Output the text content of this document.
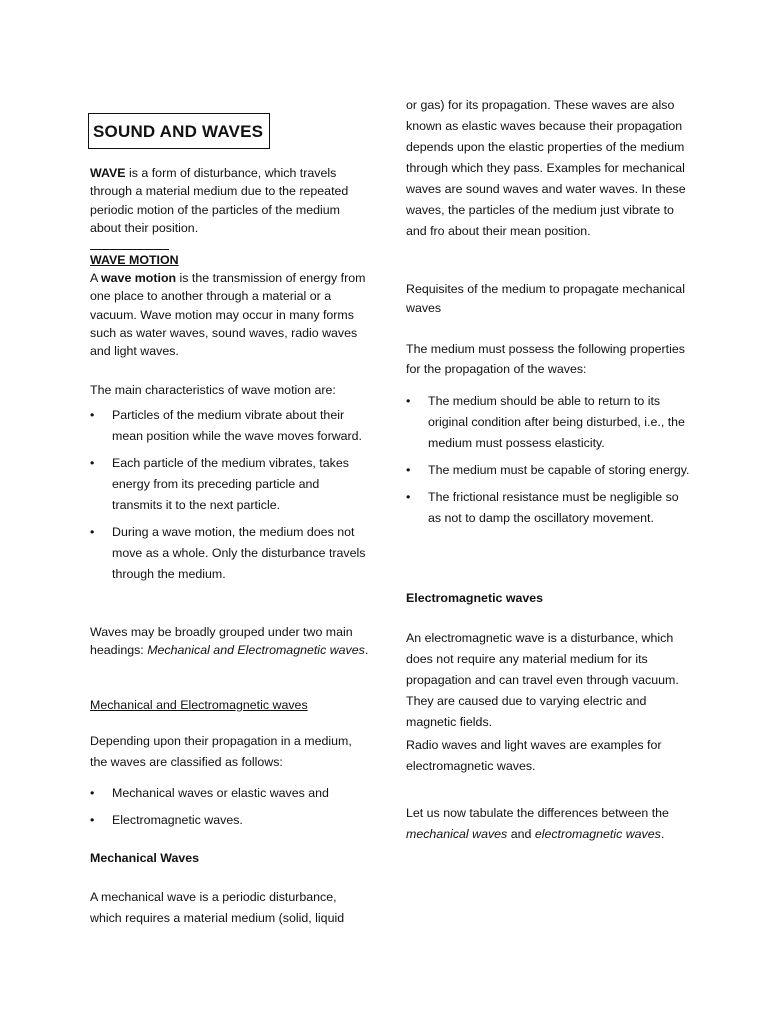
SOUND AND WAVES

WAVE is a form of disturbance, which travels through a material medium due to the repeated periodic motion of the particles of the medium about their position.

WAVE MOTION

A wave motion is the transmission of energy from one place to another through a material or a vacuum. Wave motion may occur in many forms such as water waves, sound waves, radio waves and light waves.

The main characteristics of wave motion are:

• Particles of the medium vibrate about their mean position while the wave moves forward.
• Each particle of the medium vibrates, takes energy from its preceding particle and transmits it to the next particle.
• During a wave motion, the medium does not move as a whole. Only the disturbance travels through the medium.

Waves may be broadly grouped under two main headings: Mechanical and Electromagnetic waves.

Mechanical and Electromagnetic waves

Depending upon their propagation in a medium, the waves are classified as follows:

• Mechanical waves or elastic waves and
• Electromagnetic waves.

Mechanical Waves

A mechanical wave is a periodic disturbance, which requires a material medium (solid, liquid

or gas) for its propagation. These waves are also known as elastic waves because their propagation depends upon the elastic properties of the medium through which they pass. Examples for mechanical waves are sound waves and water waves. In these waves, the particles of the medium just vibrate to and fro about their mean position.

Requisites of the medium to propagate mechanical waves

The medium must possess the following properties for the propagation of the waves:

• The medium should be able to return to its original condition after being disturbed, i.e., the medium must possess elasticity.
• The medium must be capable of storing energy.
• The frictional resistance must be negligible so as not to damp the oscillatory movement.

Electromagnetic waves

An electromagnetic wave is a disturbance, which does not require any material medium for its propagation and can travel even through vacuum. They are caused due to varying electric and magnetic fields.

Radio waves and light waves are examples for electromagnetic waves.

Let us now tabulate the differences between the mechanical waves and electromagnetic waves.
